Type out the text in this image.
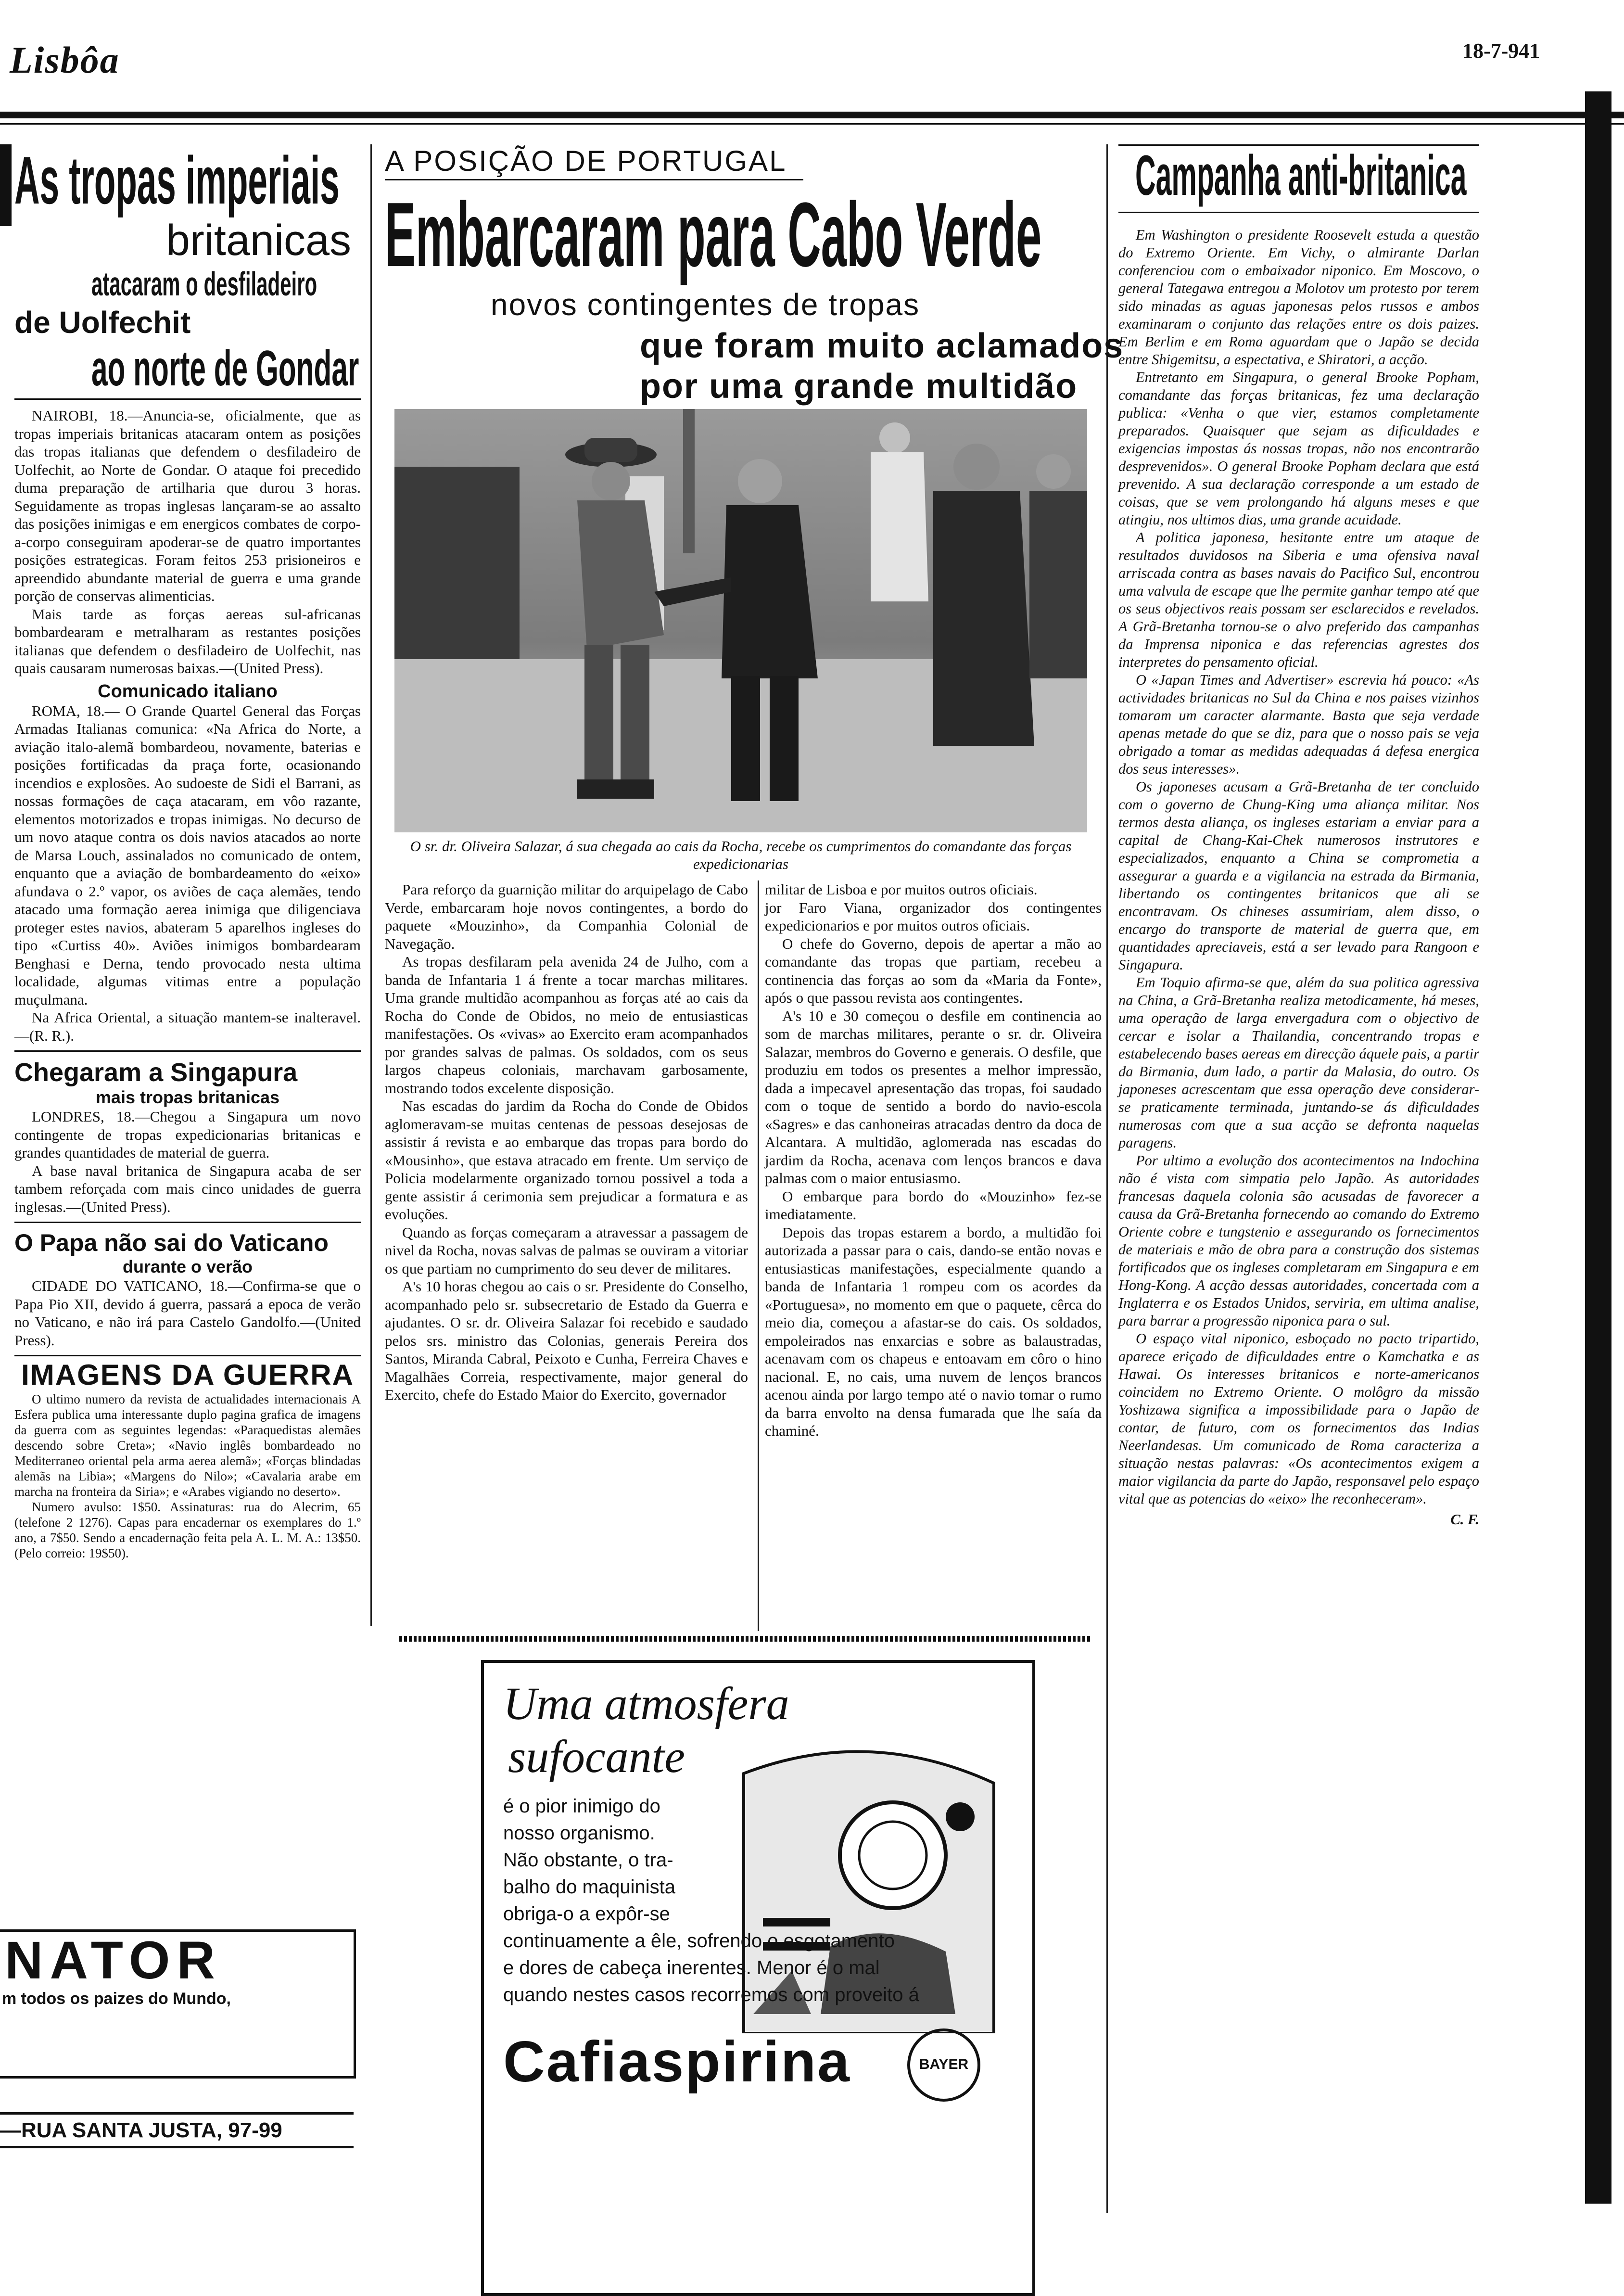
Lisbôa	18-7-941
As tropas imperiais
britanicas
atacaram o desfiladeiro
de Uolfechit
ao norte de Gondar

NAIROBI, 18.—Anuncia-se, oficialmente, que as tropas imperiais britanicas atacaram ontem as posições das tropas italianas que defendem o desfiladeiro de Uolfechit, ao Norte de Gondar. O ataque foi precedido duma preparação de artilharia que durou 3 horas. Seguidamente as tropas inglesas lançaram-se ao assalto das posições inimigas e em energicos combates de corpo-a-corpo conseguiram apoderar-se de quatro importantes posições estrategicas. Foram feitos 253 prisioneiros e apreendido abundante material de guerra e uma grande porção de conservas alimenticias.

Mais tarde as forças aereas sul-africanas bombardearam e metralharam as restantes posições italianas que defendem o desfiladeiro de Uolfechit, nas quais causaram numerosas baixas.—(United Press).

Comunicado italiano

ROMA, 18.— O Grande Quartel General das Forças Armadas Italianas comunica: «Na Africa do Norte, a aviação italo-alemã bombardeou, novamente, baterias e posições fortificadas da praça forte, ocasionando incendios e explosões. Ao sudoeste de Sidi el Barrani, as nossas formações de caça atacaram, em vôo razante, elementos motorizados e tropas inimigas. No decurso de um novo ataque contra os dois navios atacados ao norte de Marsa Louch, assinalados no comunicado de ontem, enquanto que a aviação de bombardeamento do «eixo» afundava o 2.º vapor, os aviões de caça alemães, tendo atacado uma formação aerea inimiga que diligenciava proteger estes navios, abateram 5 aparelhos ingleses do tipo «Curtiss 40». Aviões inimigos bombardearam Benghasi e Derna, tendo provocado nesta ultima localidade, algumas vitimas entre a população muçulmana.

Na Africa Oriental, a situação mantem-se inalteravel.—(R. R.).

Chegaram a Singapura
mais tropas britanicas

LONDRES, 18.—Chegou a Singapura um novo contingente de tropas expedicionarias britanicas e grandes quantidades de material de guerra.

A base naval britanica de Singapura acaba de ser tambem reforçada com mais cinco unidades de guerra inglesas.—(United Press).

O Papa não sai do Vaticano
durante o verão

CIDADE DO VATICANO, 18.—Confirma-se que o Papa Pio XII, devido á guerra, passará a epoca de verão no Vaticano, e não irá para Castelo Gandolfo.—(United Press).

IMAGENS DA GUERRA

O ultimo numero da revista de actualidades internacionais A Esfera publica uma interessante duplo pagina grafica de imagens da guerra com as seguintes legendas: «Paraquedistas alemães descendo sobre Creta»; «Navio inglês bombardeado no Mediterraneo oriental pela arma aerea alemã»; «Forças blindadas alemãs na Libia»; «Margens do Nilo»; «Cavalaria arabe em marcha na fronteira da Siria»; e «Arabes vigiando no deserto».

Numero avulso: 1$50. Assinaturas: rua do Alecrim, 65 (telefone 2 1276). Capas para encadernar os exemplares do 1.º ano, a 7$50. Sendo a encadernação feita pela A. L. M. A.: 13$50. (Pelo correio: 19$50).

NATOR
m todos os paizes do Mundo,
—RUA SANTA JUSTA, 97-99
A POSIÇÃO DE PORTUGAL
Embarcaram para Cabo Verde
novos contingentes de tropas
que foram muito aclamados
por uma grande multidão
O sr. dr. Oliveira Salazar, á sua chegada ao cais da Rocha, recebe os cumprimentos do comandante das forças expedicionarias

Para reforço da guarnição militar do arquipelago de Cabo Verde, embarcaram hoje novos contingentes, a bordo do paquete «Mouzinho», da Companhia Colonial de Navegação.

As tropas desfilaram pela avenida 24 de Julho, com a banda de Infantaria 1 á frente a tocar marchas militares. Uma grande multidão acompanhou as forças até ao cais da Rocha do Conde de Obidos, no meio de entusiasticas manifestações. Os «vivas» ao Exercito eram acompanhados por grandes salvas de palmas. Os soldados, com os seus largos chapeus coloniais, marchavam garbosamente, mostrando todos excelente disposição.

Nas escadas do jardim da Rocha do Conde de Obidos aglomeravam-se muitas centenas de pessoas desejosas de assistir á revista e ao embarque das tropas para bordo do «Mousinho», que estava atracado em frente. Um serviço de Policia modelarmente organizado tornou possivel a toda a gente assistir á cerimonia sem prejudicar a formatura e as evoluções.

Quando as forças começaram a atravessar a passagem de nivel da Rocha, novas salvas de palmas se ouviram a vitoriar os que partiam no cumprimento do seu dever de militares.

A's 10 horas chegou ao cais o sr. Presidente do Conselho, acompanhado pelo sr. subsecretario de Estado da Guerra e ajudantes. O sr. dr. Oliveira Salazar foi recebido e saudado pelos srs. ministro das Colonias, generais Pereira dos Santos, Miranda Cabral, Peixoto e Cunha, Ferreira Chaves e Magalhães Correia, respectivamente, major general do Exercito, chefe do Estado Maior do Exercito, governador

militar de Lisboa e por muitos outros oficiais.

jor Faro Viana, organizador dos contingentes expedicionarios e por muitos outros oficiais.

O chefe do Governo, depois de apertar a mão ao comandante das tropas que partiam, recebeu a continencia das forças ao som da «Maria da Fonte», após o que passou revista aos contingentes.

A's 10 e 30 começou o desfile em continencia ao som de marchas militares, perante o sr. dr. Oliveira Salazar, membros do Governo e generais. O desfile, que produziu em todos os presentes a melhor impressão, dada a impecavel apresentação das tropas, foi saudado com o toque de sentido a bordo do navio-escola «Sagres» e das canhoneiras atracadas dentro da doca de Alcantara. A multidão, aglomerada nas escadas do jardim da Rocha, acenava com lenços brancos e dava palmas com o maior entusiasmo.

O embarque para bordo do «Mouzinho» fez-se imediatamente.

Depois das tropas estarem a bordo, a multidão foi autorizada a passar para o cais, dando-se então novas e entusiasticas manifestações, especialmente quando a banda de Infantaria 1 rompeu com os acordes da «Portuguesa», no momento em que o paquete, cêrca do meio dia, começou a afastar-se do cais. Os soldados, empoleirados nas enxarcias e sobre as balaustradas, acenavam com os chapeus e entoavam em côro o hino nacional. E, no cais, uma nuvem de lenços brancos acenou ainda por largo tempo até o navio tomar o rumo da barra envolto na densa fumarada que lhe saía da chaminé.

Uma atmosfera
sufocante
é o pior inimigo do
nosso organismo.
Não obstante, o tra-
balho do maquinista
obriga-o a expôr-se
continuamente a êle, sofrendo o esgotamento
e dores de cabeça inerentes. Menor é o mal
quando nestes casos recorremos com proveito á
Cafiaspirina	BAYER
Campanha anti-britanica

Em Washington o presidente Roosevelt estuda a questão do Extremo Oriente. Em Vichy, o almirante Darlan conferenciou com o embaixador niponico. Em Moscovo, o general Tategawa entregou a Molotov um protesto por terem sido minadas as aguas japonesas pelos russos e ambos examinaram o conjunto das relações entre os dois paizes. Em Berlim e em Roma aguardam que o Japão se decida entre Shigemitsu, a espectativa, e Shiratori, a acção.

Entretanto em Singapura, o general Brooke Popham, comandante das forças britanicas, fez uma declaração publica: «Venha o que vier, estamos completamente preparados. Quaisquer que sejam as dificuldades e exigencias impostas ás nossas tropas, não nos encontrarão desprevenidos». O general Brooke Popham declara que está prevenido. A sua declaração corresponde a um estado de coisas, que se vem prolongando há alguns meses e que atingiu, nos ultimos dias, uma grande acuidade.

A politica japonesa, hesitante entre um ataque de resultados duvidosos na Siberia e uma ofensiva naval arriscada contra as bases navais do Pacifico Sul, encontrou uma valvula de escape que lhe permite ganhar tempo até que os seus objectivos reais possam ser esclarecidos e revelados. A Grã-Bretanha tornou-se o alvo preferido das campanhas da Imprensa niponica e das referencias agrestes dos interpretes do pensamento oficial.

O «Japan Times and Advertiser» escrevia há pouco: «As actividades britanicas no Sul da China e nos paises vizinhos tomaram um caracter alarmante. Basta que seja verdade apenas metade do que se diz, para que o nosso pais se veja obrigado a tomar as medidas adequadas á defesa energica dos seus interesses».

Os japoneses acusam a Grã-Bretanha de ter concluido com o governo de Chung-King uma aliança militar. Nos termos desta aliança, os ingleses estariam a enviar para a capital de Chang-Kai-Chek numerosos instrutores e especializados, enquanto a China se comprometia a assegurar a guarda e a vigilancia na estrada da Birmania, libertando os contingentes britanicos que ali se encontravam. Os chineses assumiriam, alem disso, o encargo do transporte de material de guerra que, em quantidades apreciaveis, está a ser levado para Rangoon e Singapura.

Em Toquio afirma-se que, além da sua politica agressiva na China, a Grã-Bretanha realiza metodicamente, há meses, uma operação de larga envergadura com o objectivo de cercar e isolar a Thailandia, concentrando tropas e estabelecendo bases aereas em direcção áquele pais, a partir da Birmania, dum lado, a partir da Malasia, do outro. Os japoneses acrescentam que essa operação deve considerar-se praticamente terminada, juntando-se ás dificuldades numerosas com que a sua acção se defronta naquelas paragens.

Por ultimo a evolução dos acontecimentos na Indochina não é vista com simpatia pelo Japão. As autoridades francesas daquela colonia são acusadas de favorecer a causa da Grã-Bretanha fornecendo ao comando do Extremo Oriente cobre e tungstenio e assegurando os fornecimentos de materiais e mão de obra para a construção dos sistemas fortificados que os ingleses completaram em Singapura e em Hong-Kong. A acção dessas autoridades, concertada com a Inglaterra e os Estados Unidos, serviria, em ultima analise, para barrar a progressão niponica para o sul.

O espaço vital niponico, esboçado no pacto tripartido, aparece eriçado de dificuldades entre o Kamchatka e as Hawai. Os interesses britanicos e norte-americanos coincidem no Extremo Oriente. O molôgro da missão Yoshizawa significa a impossibilidade para o Japão de contar, de futuro, com os fornecimentos das Indias Neerlandesas. Um comunicado de Roma caracteriza a situação nestas palavras: «Os acontecimentos exigem a maior vigilancia da parte do Japão, responsavel pelo espaço vital que as potencias do «eixo» lhe reconheceram».

C. F.
